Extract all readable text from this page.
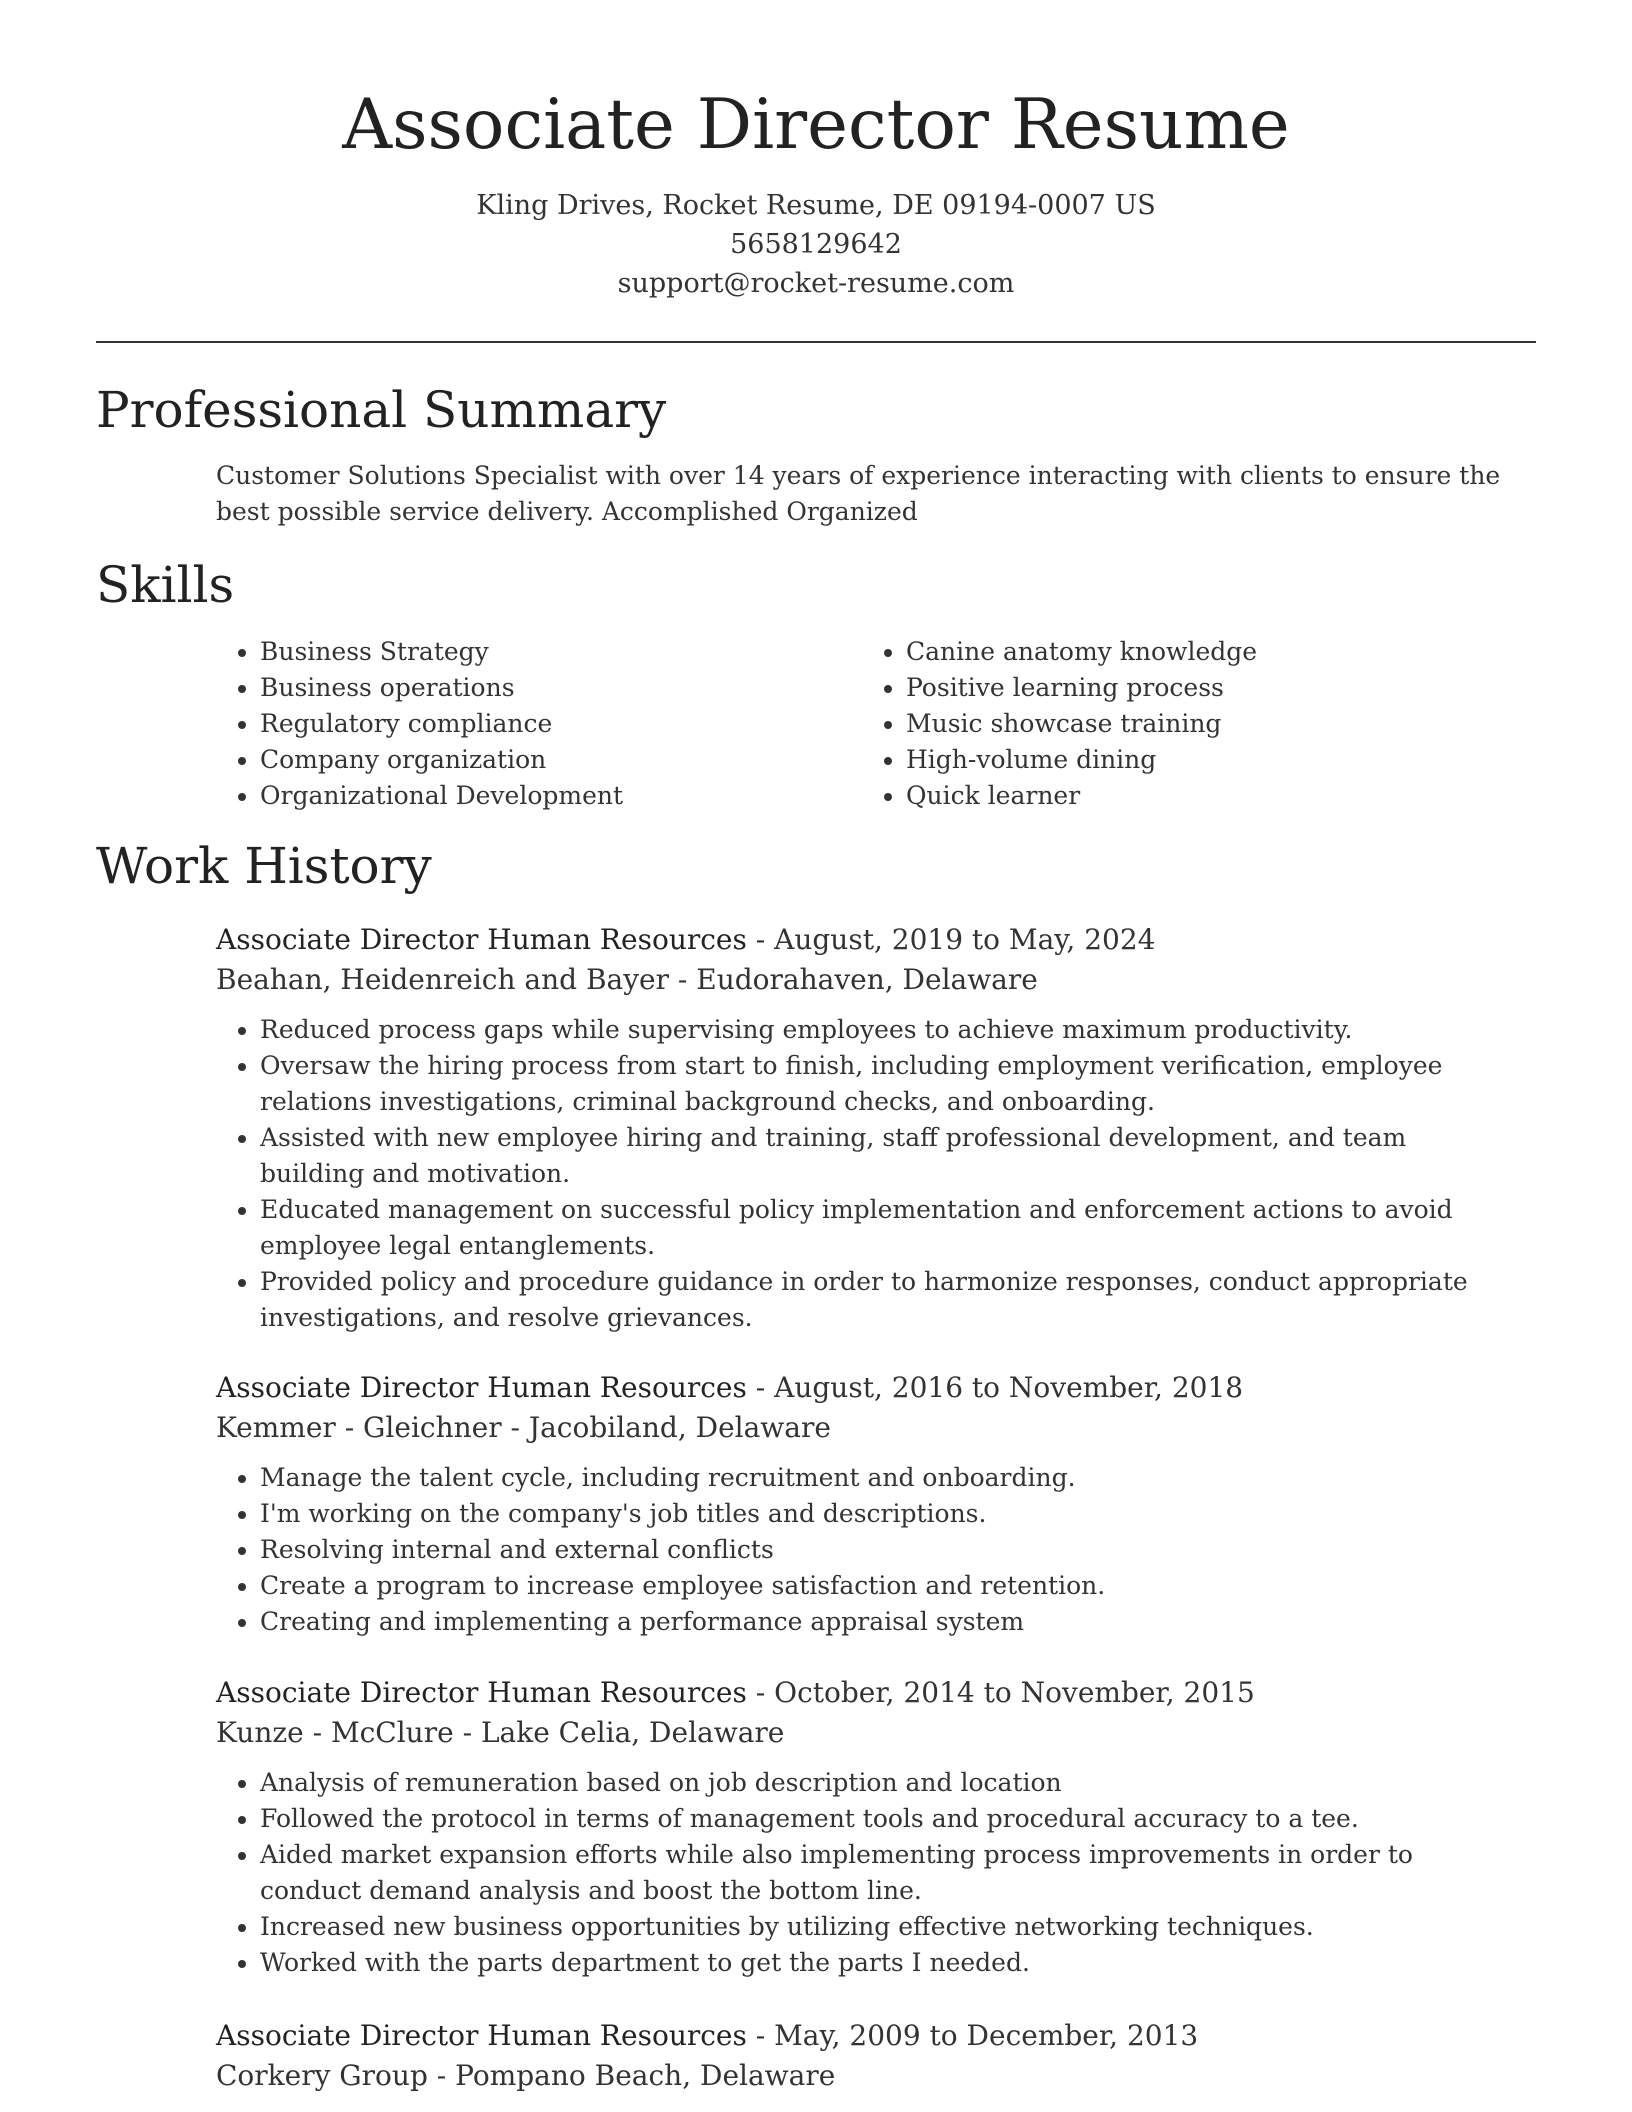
Associate Director Resume
Kling Drives, Rocket Resume, DE 09194-0007 US
5658129642
support@rocket-resume.com
Professional Summary

Customer Solutions Specialist with over 14 years of experience interacting with clients to ensure the best possible service delivery. Accomplished Organized

Skills
• Business Strategy
• Business operations
• Regulatory compliance
• Company organization
• Organizational Development
• Canine anatomy knowledge
• Positive learning process
• Music showcase training
• High-volume dining
• Quick learner
Work History
Associate Director Human Resources - August, 2019 to May, 2024
Beahan, Heidenreich and Bayer - Eudorahaven, Delaware
• Reduced process gaps while supervising employees to achieve maximum productivity.
• Oversaw the hiring process from start to finish, including employment verification, employee relations investigations, criminal background checks, and onboarding.
• Assisted with new employee hiring and training, staff professional development, and team building and motivation.
• Educated management on successful policy implementation and enforcement actions to avoid employee legal entanglements.
• Provided policy and procedure guidance in order to harmonize responses, conduct appropriate investigations, and resolve grievances.
Associate Director Human Resources - August, 2016 to November, 2018
Kemmer - Gleichner - Jacobiland, Delaware
• Manage the talent cycle, including recruitment and onboarding.
• I'm working on the company's job titles and descriptions.
• Resolving internal and external conflicts
• Create a program to increase employee satisfaction and retention.
• Creating and implementing a performance appraisal system
Associate Director Human Resources - October, 2014 to November, 2015
Kunze - McClure - Lake Celia, Delaware
• Analysis of remuneration based on job description and location
• Followed the protocol in terms of management tools and procedural accuracy to a tee.
• Aided market expansion efforts while also implementing process improvements in order to conduct demand analysis and boost the bottom line.
• Increased new business opportunities by utilizing effective networking techniques.
• Worked with the parts department to get the parts I needed.
Associate Director Human Resources - May, 2009 to December, 2013
Corkery Group - Pompano Beach, Delaware
